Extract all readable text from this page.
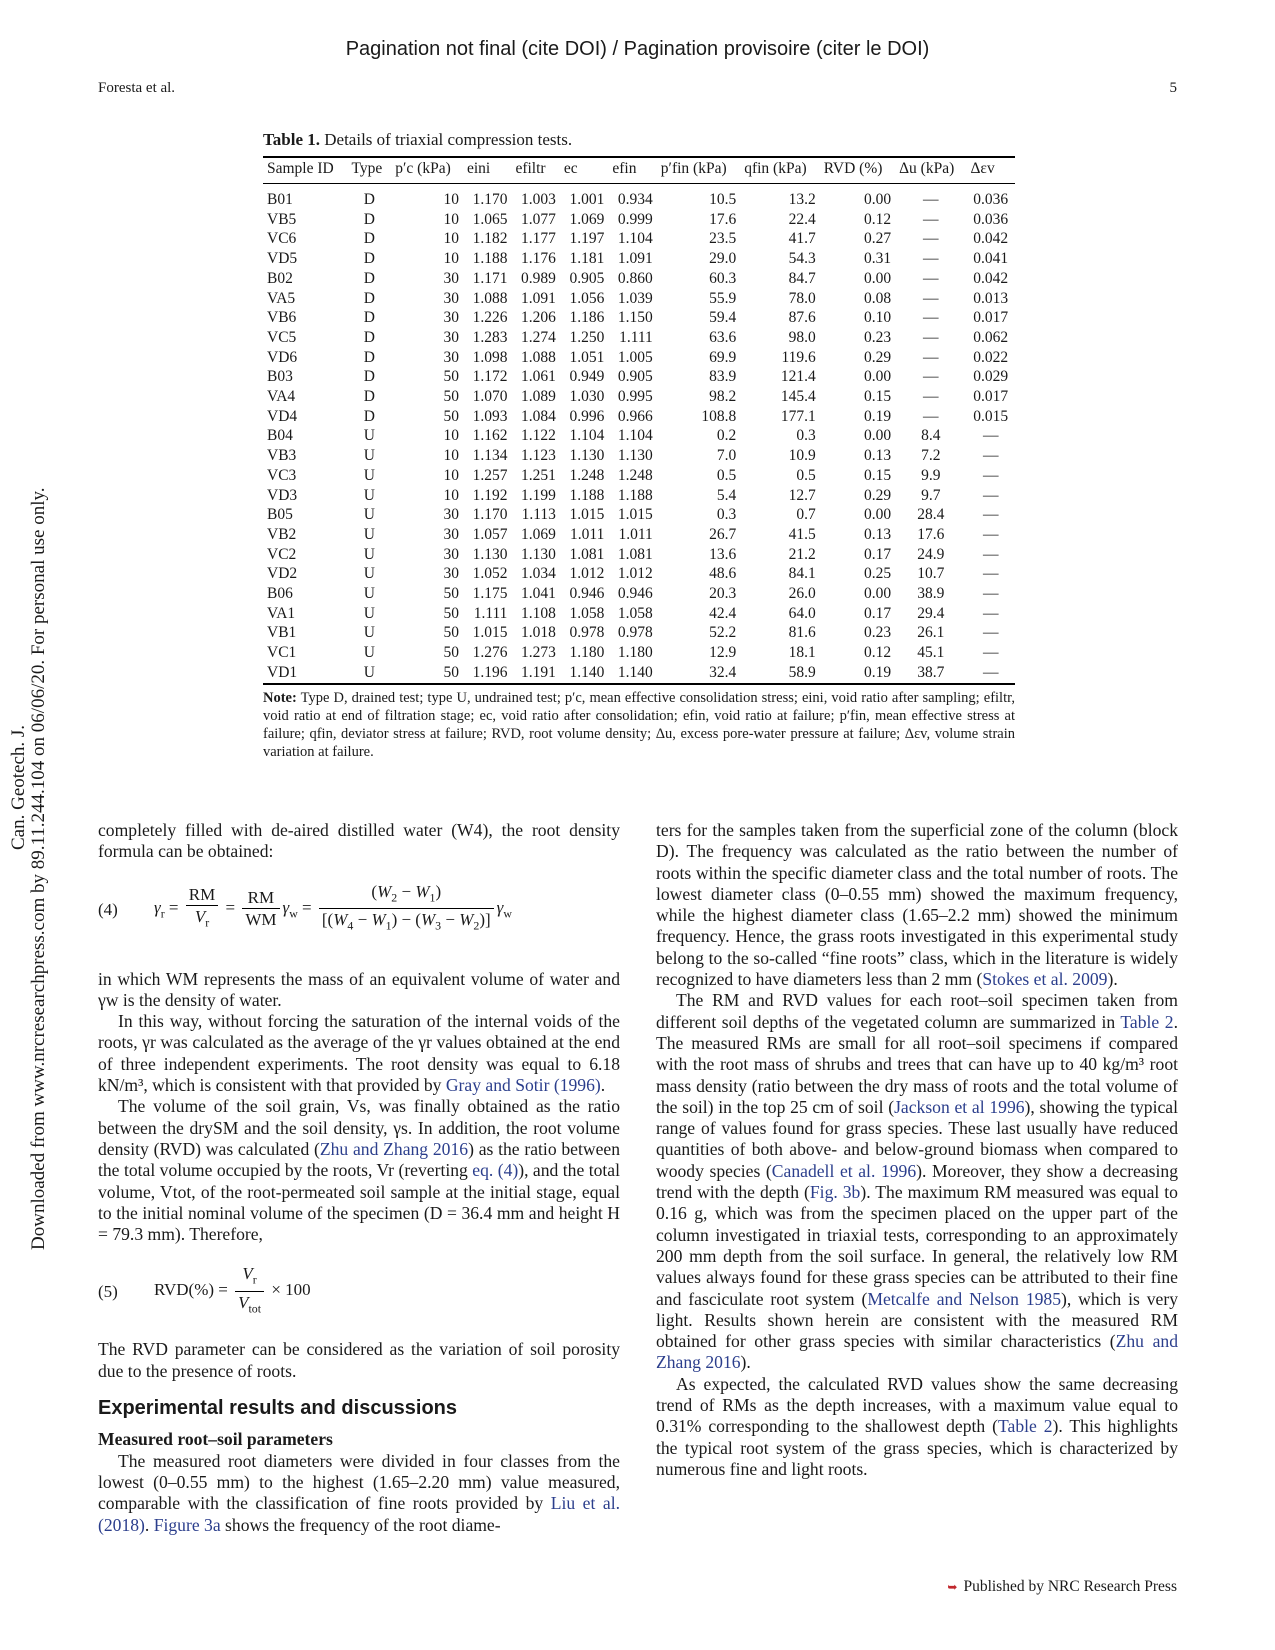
Pagination not final (cite DOI) / Pagination provisoire (citer le DOI)
Foresta et al.	5
Can. Geotech. J. Downloaded from www.nrcresearchpress.com by 89.11.244.104 on 06/06/20. For personal use only.
Table 1. Details of triaxial compression tests.

Sample ID	Type	p′c (kPa)	eini	efiltr	ec	efin	p′fin (kPa)	qfin (kPa)	RVD (%)	Δu (kPa)	Δεv
B01	D	10	1.170	1.003	1.001	0.934	10.5	13.2	0.00	—	0.036
VB5	D	10	1.065	1.077	1.069	0.999	17.6	22.4	0.12	—	0.036
VC6	D	10	1.182	1.177	1.197	1.104	23.5	41.7	0.27	—	0.042
VD5	D	10	1.188	1.176	1.181	1.091	29.0	54.3	0.31	—	0.041
B02	D	30	1.171	0.989	0.905	0.860	60.3	84.7	0.00	—	0.042
VA5	D	30	1.088	1.091	1.056	1.039	55.9	78.0	0.08	—	0.013
VB6	D	30	1.226	1.206	1.186	1.150	59.4	87.6	0.10	—	0.017
VC5	D	30	1.283	1.274	1.250	1.111	63.6	98.0	0.23	—	0.062
VD6	D	30	1.098	1.088	1.051	1.005	69.9	119.6	0.29	—	0.022
B03	D	50	1.172	1.061	0.949	0.905	83.9	121.4	0.00	—	0.029
VA4	D	50	1.070	1.089	1.030	0.995	98.2	145.4	0.15	—	0.017
VD4	D	50	1.093	1.084	0.996	0.966	108.8	177.1	0.19	—	0.015
B04	U	10	1.162	1.122	1.104	1.104	0.2	0.3	0.00	8.4	—
VB3	U	10	1.134	1.123	1.130	1.130	7.0	10.9	0.13	7.2	—
VC3	U	10	1.257	1.251	1.248	1.248	0.5	0.5	0.15	9.9	—
VD3	U	10	1.192	1.199	1.188	1.188	5.4	12.7	0.29	9.7	—
B05	U	30	1.170	1.113	1.015	1.015	0.3	0.7	0.00	28.4	—
VB2	U	30	1.057	1.069	1.011	1.011	26.7	41.5	0.13	17.6	—
VC2	U	30	1.130	1.130	1.081	1.081	13.6	21.2	0.17	24.9	—
VD2	U	30	1.052	1.034	1.012	1.012	48.6	84.1	0.25	10.7	—
B06	U	50	1.175	1.041	0.946	0.946	20.3	26.0	0.00	38.9	—
VA1	U	50	1.111	1.108	1.058	1.058	42.4	64.0	0.17	29.4	—
VB1	U	50	1.015	1.018	0.978	0.978	52.2	81.6	0.23	26.1	—
VC1	U	50	1.276	1.273	1.180	1.180	12.9	18.1	0.12	45.1	—
VD1	U	50	1.196	1.191	1.140	1.140	32.4	58.9	0.19	38.7	—
Note: Type D, drained test; type U, undrained test; p′c, mean effective consolidation stress; eini, void ratio after sampling; efiltr, void ratio at end of filtration stage; ec, void ratio after consolidation; efin, void ratio at failure; p′fin, mean effective stress at failure; qfin, deviator stress at failure; RVD, root volume density; Δu, excess pore-water pressure at failure; Δεv, volume strain variation at failure.

completely filled with de-aired distilled water (W4), the root density formula can be obtained:

(4) $\gamma_r = \frac{RM}{V_r} = \frac{RM}{WM} \gamma_w = \frac{(W_2 - W_1)}{[(W_4 - W_1) - (W_3 - W_2)]} \gamma_w$

in which WM represents the mass of an equivalent volume of water and γw is the density of water.

In this way, without forcing the saturation of the internal voids of the roots, γr was calculated as the average of the γr values obtained at the end of three independent experiments. The root density was equal to 6.18 kN/m³, which is consistent with that provided by Gray and Sotir (1996).

The volume of the soil grain, Vs, was finally obtained as the ratio between the drySM and the soil density, γs. In addition, the root volume density (RVD) was calculated (Zhu and Zhang 2016) as the ratio between the total volume occupied by the roots, Vr (reverting eq. (4)), and the total volume, Vtot, of the root-permeated soil sample at the initial stage, equal to the initial nominal volume of the specimen (D = 36.4 mm and height H = 79.3 mm). Therefore,

(5) $RVD(\%) = \frac{V_r}{V_{tot}} \times 100$

The RVD parameter can be considered as the variation of soil porosity due to the presence of roots.

Experimental results and discussions
Measured root–soil parameters

The measured root diameters were divided in four classes from the lowest (0–0.55 mm) to the highest (1.65–2.20 mm) value measured, comparable with the classification of fine roots provided by Liu et al. (2018). Figure 3a shows the frequency of the root diame-

ters for the samples taken from the superficial zone of the column (block D). The frequency was calculated as the ratio between the number of roots within the specific diameter class and the total number of roots. The lowest diameter class (0–0.55 mm) showed the maximum frequency, while the highest diameter class (1.65–2.2 mm) showed the minimum frequency. Hence, the grass roots investigated in this experimental study belong to the so-called “fine roots” class, which in the literature is widely recognized to have diameters less than 2 mm (Stokes et al. 2009).

The RM and RVD values for each root–soil specimen taken from different soil depths of the vegetated column are summarized in Table 2. The measured RMs are small for all root–soil specimens if compared with the root mass of shrubs and trees that can have up to 40 kg/m³ root mass density (ratio between the dry mass of roots and the total volume of the soil) in the top 25 cm of soil (Jackson et al 1996), showing the typical range of values found for grass species. These last usually have reduced quantities of both above- and below-ground biomass when compared to woody species (Canadell et al. 1996). Moreover, they show a decreasing trend with the depth (Fig. 3b). The maximum RM measured was equal to 0.16 g, which was from the specimen placed on the upper part of the column investigated in triaxial tests, corresponding to an approximately 200 mm depth from the soil surface. In general, the relatively low RM values always found for these grass species can be attributed to their fine and fasciculate root system (Metcalfe and Nelson 1985), which is very light. Results shown herein are consistent with the measured RM obtained for other grass species with similar characteristics (Zhu and Zhang 2016).

As expected, the calculated RVD values show the same decreasing trend of RMs as the depth increases, with a maximum value equal to 0.31% corresponding to the shallowest depth (Table 2). This highlights the typical root system of the grass species, which is characterized by numerous fine and light roots.

➥ Published by NRC Research Press
